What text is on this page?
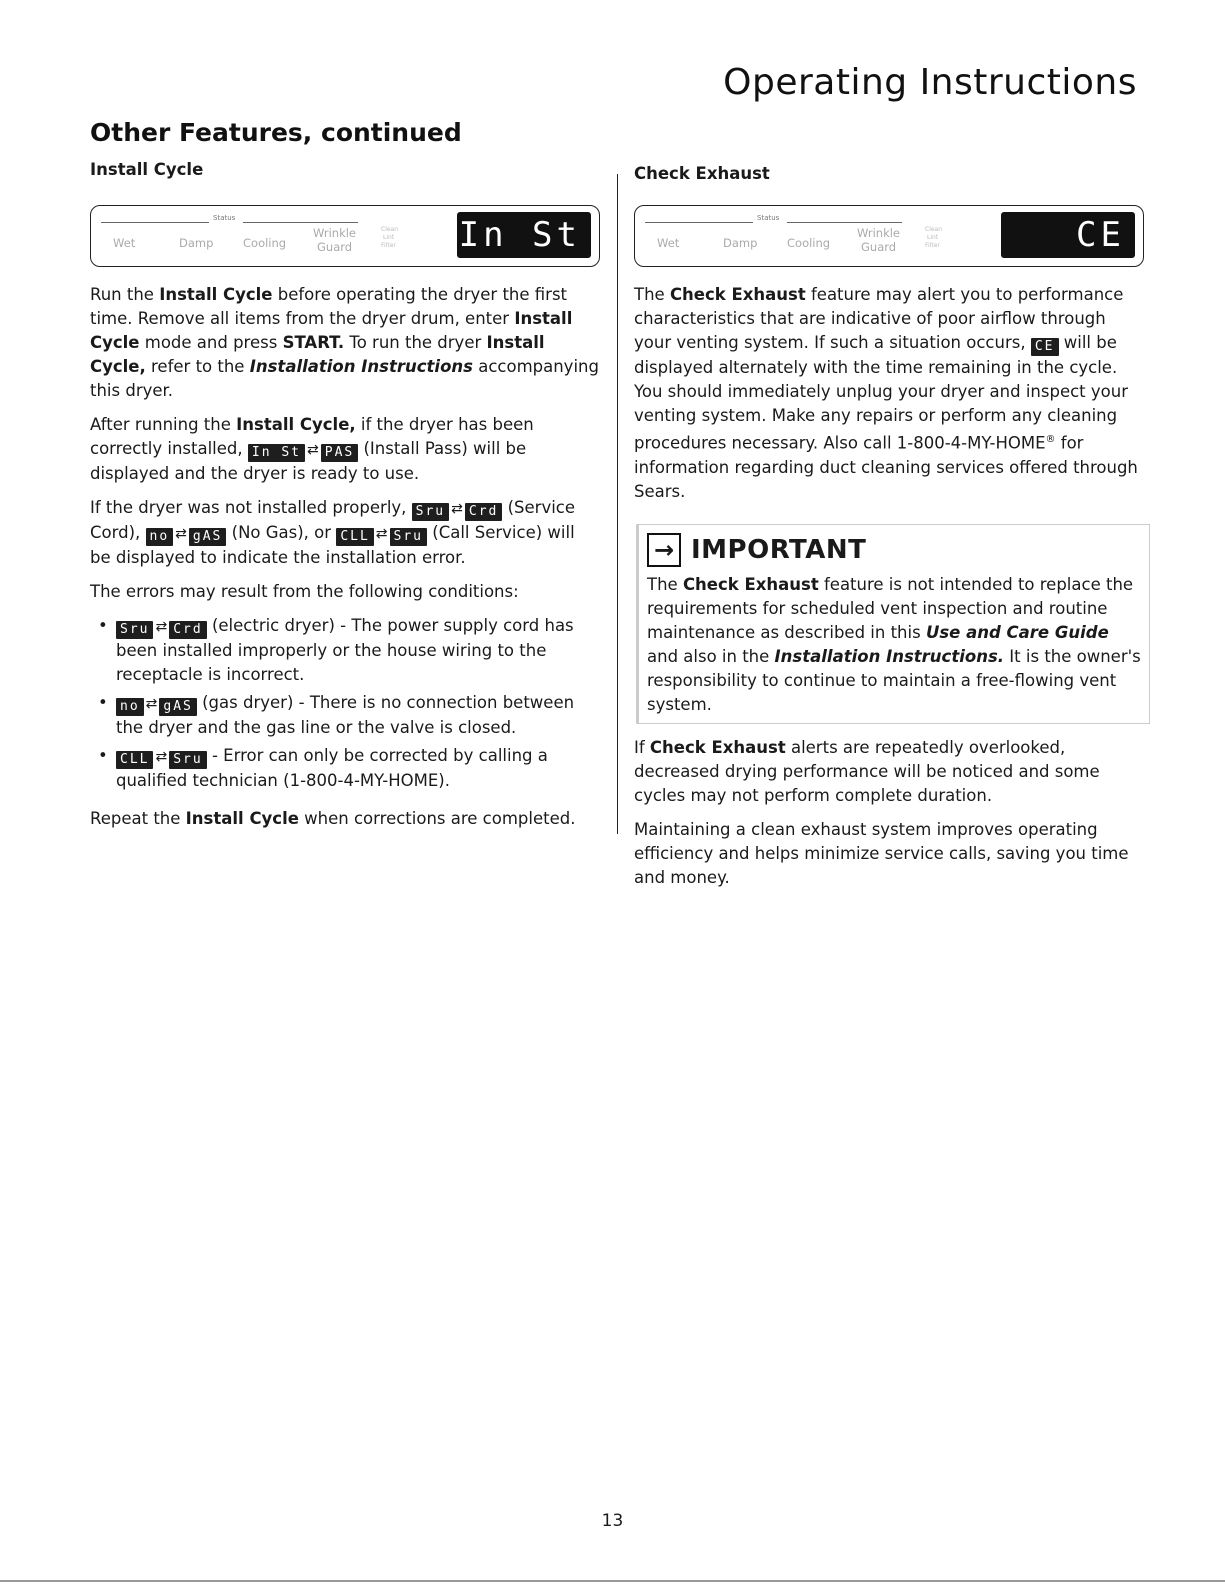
Operating Instructions
Other Features, continued
Install Cycle
Status
Wet	Damp	Cooling
Wrinkle
Guard
Clean
Lint
Filter In St

Run the Install Cycle before operating the dryer the first time. Remove all items from the dryer drum, enter Install Cycle mode and press START. To run the dryer Install Cycle, refer to the Installation Instructions accompanying this dryer.

After running the Install Cycle, if the dryer has been correctly installed, In St ⇄ PAS (Install Pass) will be displayed and the dryer is ready to use.

If the dryer was not installed properly, Sru ⇄ Crd (Service Cord), no ⇄ gAS (No Gas), or CLL ⇄ Sru (Call Service) will be displayed to indicate the installation error.

The errors may result from the following conditions:

• Sru ⇄ Crd (electric dryer) - The power supply cord has been installed improperly or the house wiring to the receptacle is incorrect.
• no ⇄ gAS (gas dryer) - There is no connection between the dryer and the gas line or the valve is closed.
• CLL ⇄ Sru - Error can only be corrected by calling a qualified technician (1-800-4-MY-HOME).

Repeat the Install Cycle when corrections are completed.

Check Exhaust
Status
Wet	Damp	Cooling
Wrinkle
Guard
Clean
Lint
Filter	CE

The Check Exhaust feature may alert you to performance characteristics that are indicative of poor airflow through your venting system. If such a situation occurs, CE will be displayed alternately with the time remaining in the cycle. You should immediately unplug your dryer and inspect your venting system. Make any repairs or perform any cleaning procedures necessary. Also call 1-800-4-MY-HOME® for information regarding duct cleaning services offered through Sears.

→ IMPORTANT

The Check Exhaust feature is not intended to replace the requirements for scheduled vent inspection and routine maintenance as described in this Use and Care Guide and also in the Installation Instructions. It is the owner's responsibility to continue to maintain a free-flowing vent system.

If Check Exhaust alerts are repeatedly overlooked, decreased drying performance will be noticed and some cycles may not perform complete duration.

Maintaining a clean exhaust system improves operating efficiency and helps minimize service calls, saving you time and money.

13
